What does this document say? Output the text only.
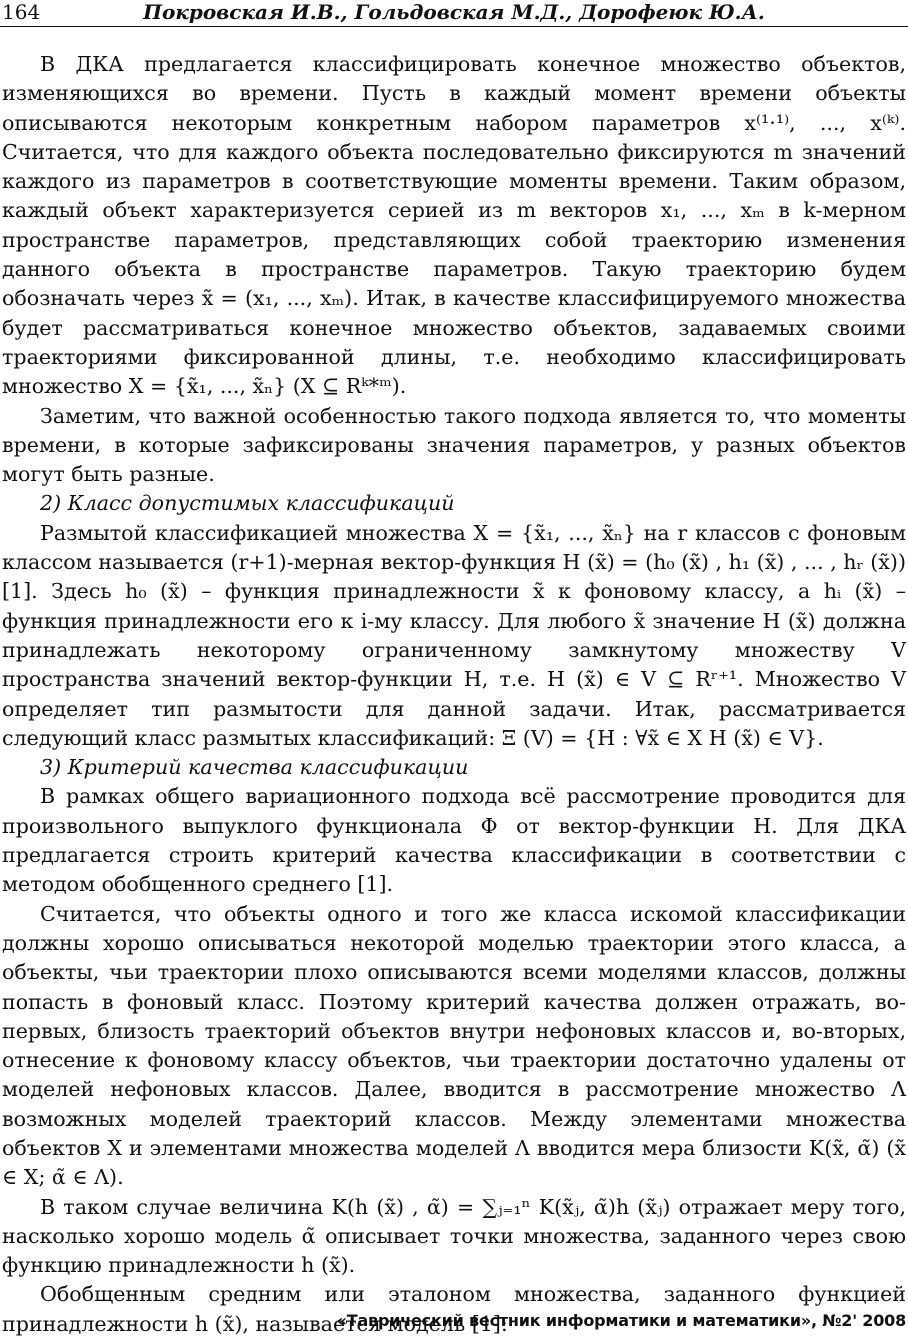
164	Покровская И.В., Гольдовская М.Д., Дорофеюк Ю.А.

В ДКА предлагается классифицировать конечное множество объектов, изменяющихся во времени. Пусть в каждый момент времени объекты описываются некоторым конкретным набором параметров x⁽¹·¹⁾, ..., x⁽ᵏ⁾. Считается, что для каждого объекта последовательно фиксируются m значений каждого из параметров в соответствующие моменты времени. Таким образом, каждый объект характеризуется серией из m векторов x₁, ..., xₘ в k-мерном пространстве параметров, представляющих собой траекторию изменения данного объекта в пространстве параметров. Такую траекторию будем обозначать через x̃ = (x₁, ..., xₘ). Итак, в качестве классифицируемого множества будет рассматриваться конечное множество объектов, задаваемых своими траекториями фиксированной длины, т.е. необходимо классифицировать множество X = {x̃₁, ..., x̃ₙ} (X ⊆ Rᵏ*ᵐ).

Заметим, что важной особенностью такого подхода является то, что моменты времени, в которые зафиксированы значения параметров, у разных объектов могут быть разные.

2) Класс допустимых классификаций

Размытой классификацией множества X = {x̃₁, ..., x̃ₙ} на r классов с фоновым классом называется (r+1)-мерная вектор-функция H (x̃) = (h₀ (x̃) , h₁ (x̃) , ... , hᵣ (x̃)) [1]. Здесь h₀ (x̃) – функция принадлежности x̃ к фоновому классу, а hᵢ (x̃) – функция принадлежности его к i-му классу. Для любого x̃ значение H (x̃) должна принадлежать некоторому ограниченному замкнутому множеству V пространства значений вектор-функции H, т.е. H (x̃) ∈ V ⊆ Rʳ⁺¹. Множество V определяет тип размытости для данной задачи. Итак, рассматривается следующий класс размытых классификаций: Ξ (V) = {H : ∀x̃ ∈ X H (x̃) ∈ V}.

3) Критерий качества классификации

В рамках общего вариационного подхода всё рассмотрение проводится для произвольного выпуклого функционала Φ от вектор-функции H. Для ДКА предлагается строить критерий качества классификации в соответствии с методом обобщенного среднего [1].

Считается, что объекты одного и того же класса искомой классификации должны хорошо описываться некоторой моделью траектории этого класса, а объекты, чьи траектории плохо описываются всеми моделями классов, должны попасть в фоновый класс. Поэтому критерий качества должен отражать, во-первых, близость траекторий объектов внутри нефоновых классов и, во-вторых, отнесение к фоновому классу объектов, чьи траектории достаточно удалены от моделей нефоновых классов. Далее, вводится в рассмотрение множество Λ возможных моделей траекторий классов. Между элементами множества объектов X и элементами множества моделей Λ вводится мера близости K(x̃, α̃) (x̃ ∈ X; α̃ ∈ Λ).

В таком случае величина K(h (x̃) , α̃) = ∑ⱼ₌₁ⁿ K(x̃ⱼ, α̃)h (x̃ⱼ) отражает меру того, насколько хорошо модель α̃ описывает точки множества, заданного через свою функцию принадлежности h (x̃).

Обобщенным средним или эталоном множества, заданного функцией принадлежности h (x̃), называется модель [1]:

«Таврический вестник информатики и математики», №2' 2008
